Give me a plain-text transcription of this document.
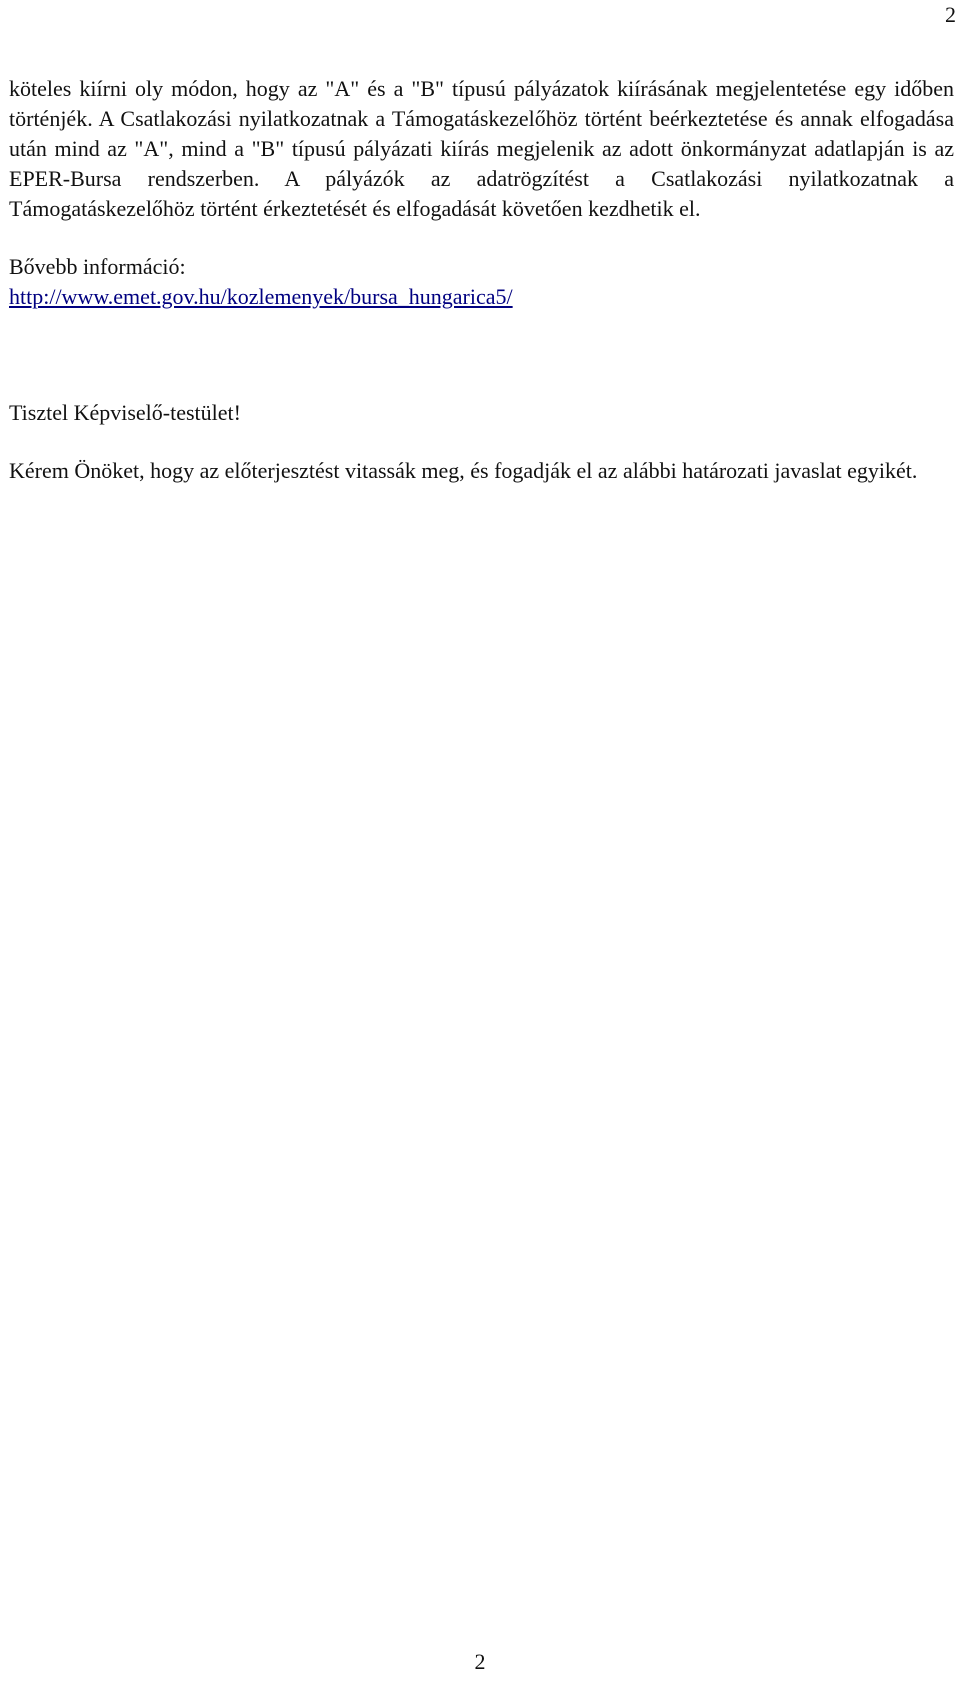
2

köteles kiírni oly módon, hogy az "A" és a "B" típusú pályázatok kiírásának megjelentetése egy időben történjék. A Csatlakozási nyilatkozatnak a Támogatáskezelőhöz történt beérkeztetése és annak elfogadása után mind az "A", mind a "B" típusú pályázati kiírás megjelenik az adott önkormányzat adatlapján is az EPER-Bursa rendszerben. A pályázók az adatrögzítést a Csatlakozási nyilatkozatnak a Támogatáskezelőhöz történt érkeztetését és elfogadását követően kezdhetik el.

Bővebb információ:

http://www.emet.gov.hu/kozlemenyek/bursa_hungarica5/

Tisztel Képviselő-testület!

Kérem Önöket, hogy az előterjesztést vitassák meg, és fogadják el az alábbi határozati javaslat egyikét.

2
